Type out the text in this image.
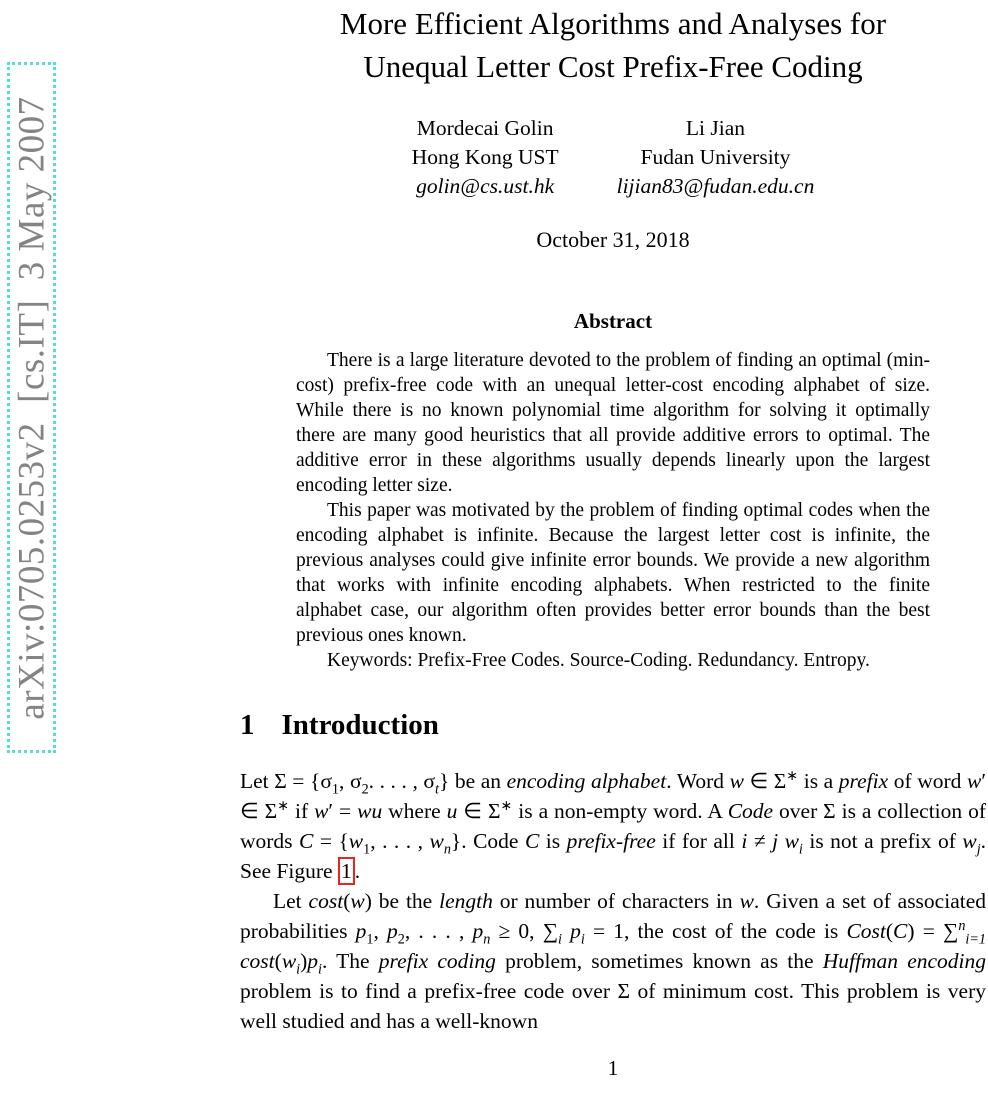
arXiv:0705.0253v2  [cs.IT]  3 May 2007
More Efficient Algorithms and Analyses for
Unequal Letter Cost Prefix-Free Coding
Mordecai Golin
Hong Kong UST
golin@cs.ust.hk
Li Jian
Fudan University
lijian83@fudan.edu.cn
October 31, 2018
Abstract

There is a large literature devoted to the problem of finding an optimal (min-cost) prefix-free code with an unequal letter-cost encoding alphabet of size. While there is no known polynomial time algorithm for solving it optimally there are many good heuristics that all provide additive errors to optimal. The additive error in these algorithms usually depends linearly upon the largest encoding letter size.

This paper was motivated by the problem of finding optimal codes when the encoding alphabet is infinite. Because the largest letter cost is infinite, the previous analyses could give infinite error bounds. We provide a new algorithm that works with infinite encoding alphabets. When restricted to the finite alphabet case, our algorithm often provides better error bounds than the best previous ones known.

Keywords: Prefix-Free Codes. Source-Coding. Redundancy. Entropy.

1 Introduction

Let $\Sigma = \{\sigma_1$, $\sigma_2$. . . . , $\sigma_t$} be an encoding alphabet. Word w ∈ Σ∗ is a prefix of word w′ ∈ Σ∗ if w′ = wu where u ∈ Σ∗ is a non-empty word. A Code over Σ is a collection of words $C = \{w_1$, . . . , $w_n$}. Code C is prefix-free if for all i ≠ j $w_i$ is not a prefix of $w_j$. See Figure 1 .

Let cost(w) be the length or number of characters in w. Given a set of associated probabilities $p_1$, $p_2$, . . . , $p_n \ge 0$, $\sum_i$ $p_i = 1$, the cost of the code is Cost(C) = ∑$^n_{i=1}$ $\cos t(w_i)p_i$. The prefix coding problem, sometimes known as the Huffman encoding problem is to find a prefix-free code over Σ of minimum cost. This problem is very well studied and has a well-known

1
